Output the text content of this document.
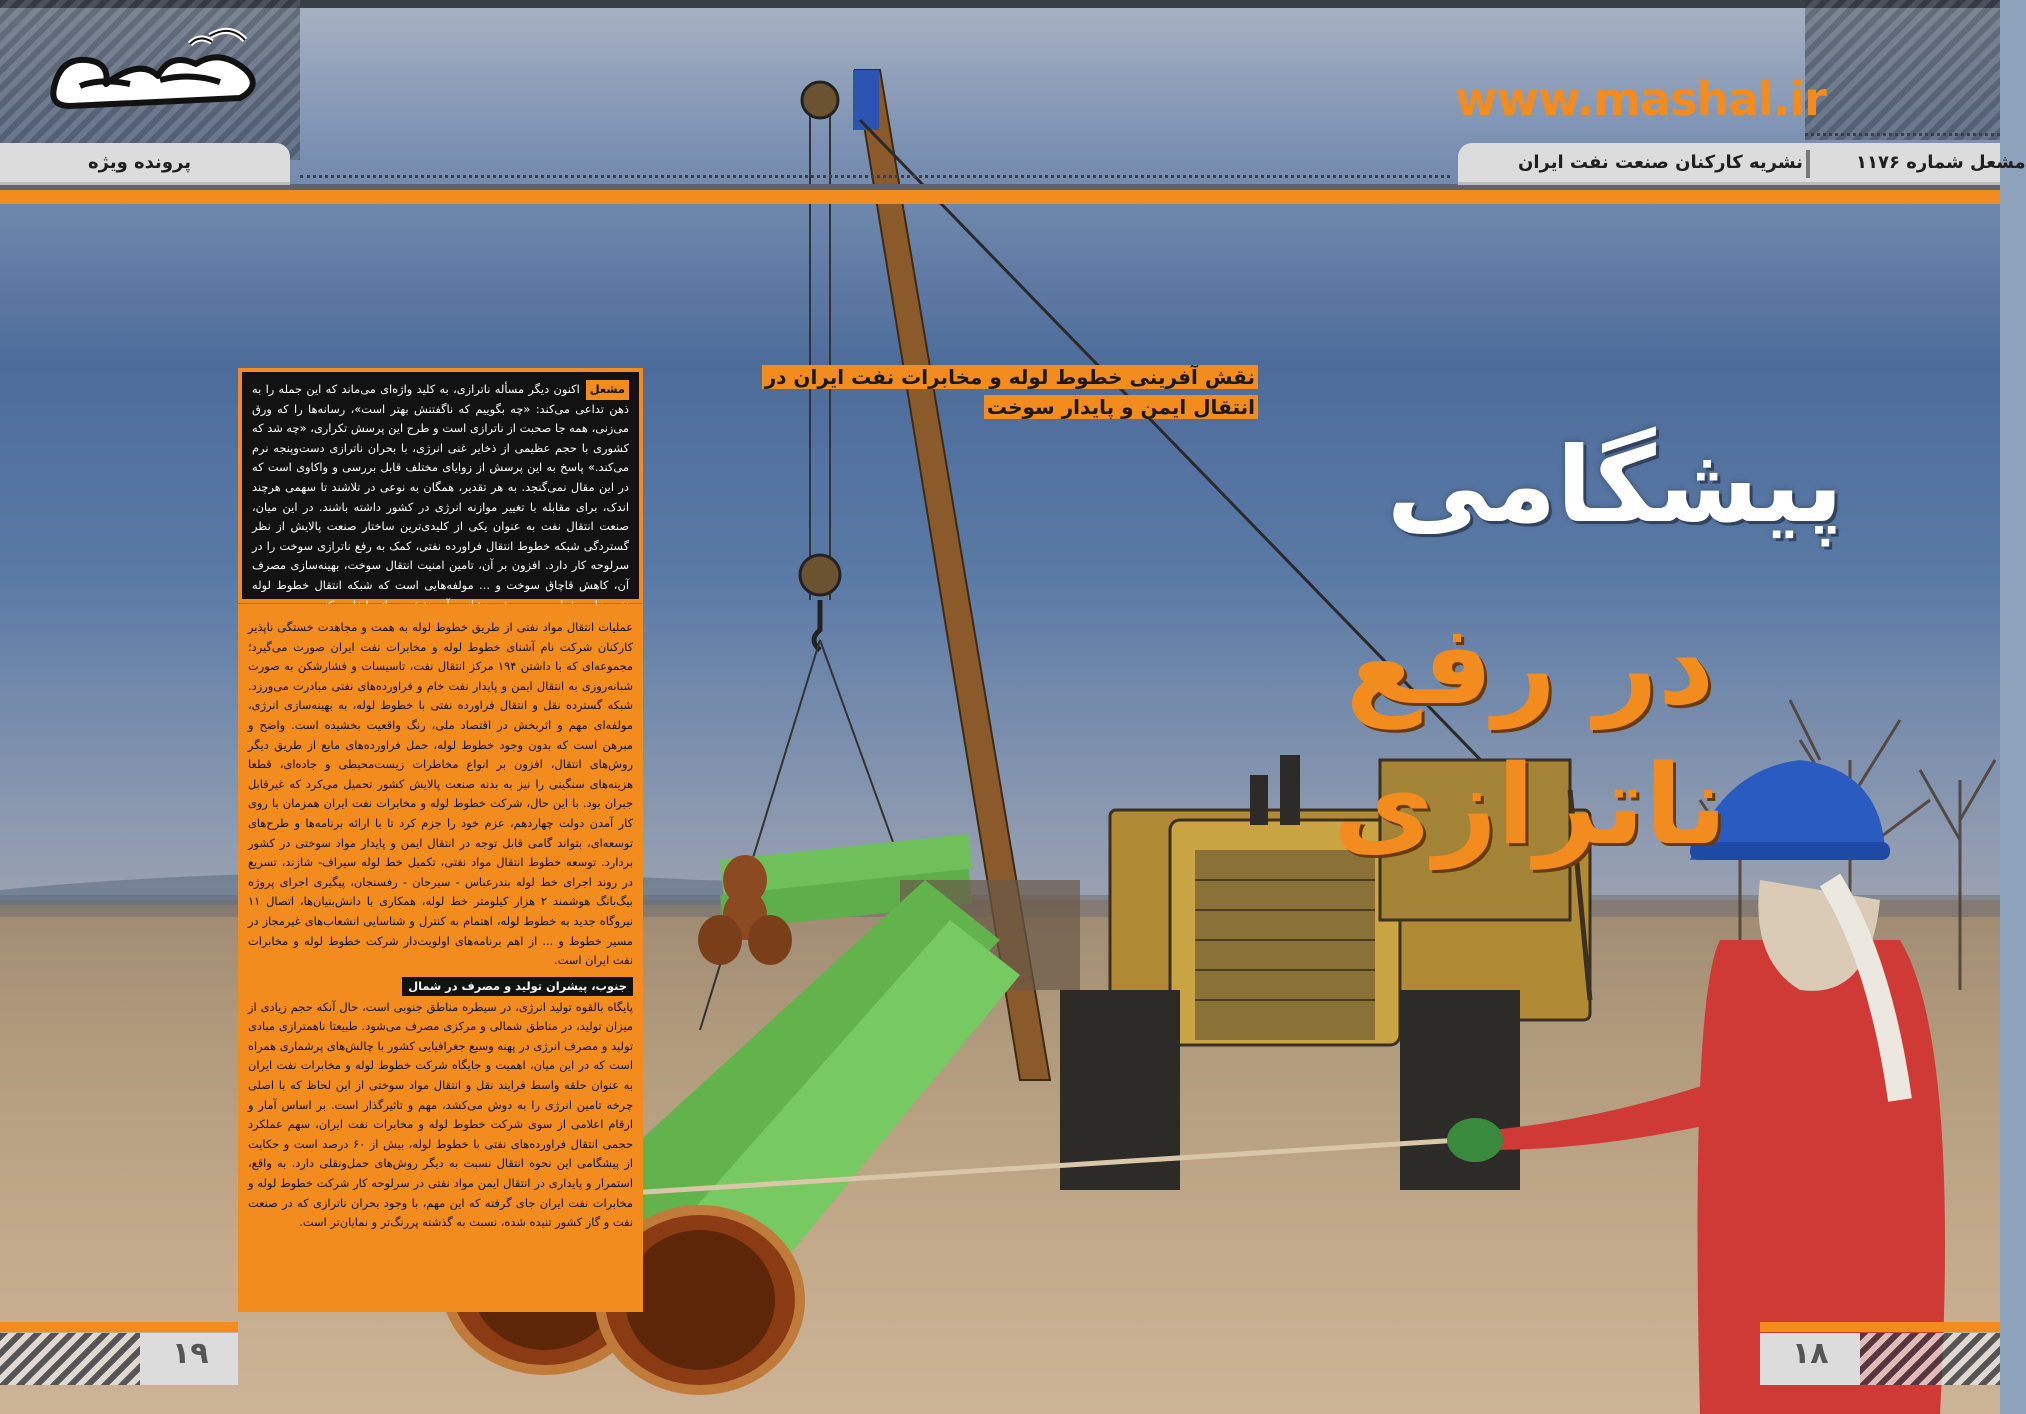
www.mashal.ir
پرونده ویژه	مشعل شماره ۱۱۷۶
نشریه کارکنان صنعت نفت ایران
نقش آفرینی خطوط لوله و مخابرات نفت ایران در انتقال ایمن و پایدار سوخت
پیشگامی
در رفع ناترازی

مشعلاکنون دیگر مسأله ناترازی، به کلید واژه‌ای می‌ماند که این جمله را به ذهن تداعی می‌کند: «چه بگوییم که ناگفتنش بهتر است»، رسانه‌ها را که ورق می‌زنی، همه جا صحبت از ناترازی است و طرح این پرسش تکراری، «چه شد که کشوری با حجم عظیمی از ذخایر غنی انرژی، با بحران ناترازی دست‌وپنجه نرم می‌کند.» پاسخ به این پرسش از زوایای مختلف قابل بررسی و واکاوی است که در این مقال نمی‌گنجد. به هر تقدیر، همگان به نوعی در تلاشند تا سهمی هرچند اندک، برای مقابله با تغییر موازنه انرژی در کشور داشته باشند. در این میان، صنعت انتقال نفت به عنوان یکی از کلیدی‌ترین ساختار صنعت پالایش از نظر گستردگی شبکه خطوط انتقال فراورده نفتی، کمک به رفع ناترازی سوخت را در سرلوحه کار دارد. افزون بر آن، تامین امنیت انتقال سوخت، بهینه‌سازی مصرف آن، کاهش قاچاق سوخت و ... مولفه‌هایی است که شبکه انتقال خطوط لوله

عملیات انتقال مواد نفتی از طریق خطوط لوله به همت و مجاهدت خستگی ناپذیر کارکنان شرکت نام آشنای خطوط لوله و مخابرات نفت ایران صورت می‌گیرد؛ مجموعه‌ای که با داشتن ۱۹۴ مرکز انتقال نفت، تاسیسات و فشارشکن به صورت شبانه‌روزی به انتقال ایمن و پایدار نفت خام و فراورده‌های نفتی مبادرت می‌ورزد. شبکه گسترده نقل و انتقال فراورده نفتی با خطوط لوله، به بهینه‌سازی انرژی، مولفه‌ای مهم و اثربخش در اقتصاد ملی، رنگ واقعیت بخشیده است. واضح و مبرهن است که بدون وجود خطوط لوله، حمل فراورده‌های مایع از طریق دیگر روش‌های انتقال، افزون بر انواع مخاطرات زیست‌محیطی و جاده‌ای، قطعا هزینه‌های سنگینی را نیز به بدنه صنعت پالایش کشور تحمیل می‌کرد که غیرقابل جبران بود. با این حال، شرکت خطوط لوله و مخابرات نفت ایران همزمان با روی کار آمدن دولت چهاردهم، عزم خود را جزم کرد تا با ارائه برنامه‌ها و طرح‌های توسعه‌ای، بتواند گامی قابل توجه در انتقال ایمن و پایدار مواد سوختی در کشور بردارد. توسعه خطوط انتقال مواد نفتی، تکمیل خط لوله سیراف- شازند، تسریع در روند اجرای خط لوله بندرعباس - سیرجان - رفسنجان، پیگیری اجرای پروژه بیگ‌بانگ هوشمند ۲ هزار کیلومتر خط لوله، همکاری با دانش‌بنیان‌ها، اتصال ۱۱ نیروگاه جدید به خطوط لوله، اهتمام به کنترل و شناسایی انشعاب‌های غیرمجاز در مسیر خطوط و ... از اهم برنامه‌های اولویت‌دار شرکت خطوط لوله و مخابرات نفت ایران است.

جنوب، پیشران تولید و مصرف در شمال

پایگاه بالقوه تولید انرژی، در سیطره مناطق جنوبی است، حال آنکه حجم زیادی از میزان تولید، در مناطق شمالی و مرکزی مصرف می‌شود. طبیعتا ناهمترازی مبادی تولید و مصرف انرژی در پهنه وسیع جغرافیایی کشور با چالش‌های پرشماری همراه است که در این میان، اهمیت و جایگاه شرکت خطوط لوله و مخابرات نفت ایران به عنوان حلقه واسط فرایند نقل و انتقال مواد سوختی از این لحاظ که با اصلی چرخه تامین انرژی را به دوش می‌کشد، مهم و تاثیرگذار است. بر اساس آمار و ارقام اعلامی از سوی شرکت خطوط لوله و مخابرات نفت ایران، سهم عملکرد حجمی انتقال فراورده‌های نفتی با خطوط لوله، بیش از ۶۰ درصد است و حکایت از پیشگامی این نحوه انتقال نسبت به دیگر روش‌های حمل‌ونقلی دارد. به واقع، استمرار و پایداری در انتقال ایمن مواد نفتی در سرلوحه کار شرکت خطوط لوله و مخابرات نفت ایران جای گرفته که این مهم، با وجود بحران ناترازی که در صنعت نفت و گاز کشور تنیده شده، نسبت به گذشته پررنگ‌تر و نمایان‌تر است.

۱۹	۱۸
